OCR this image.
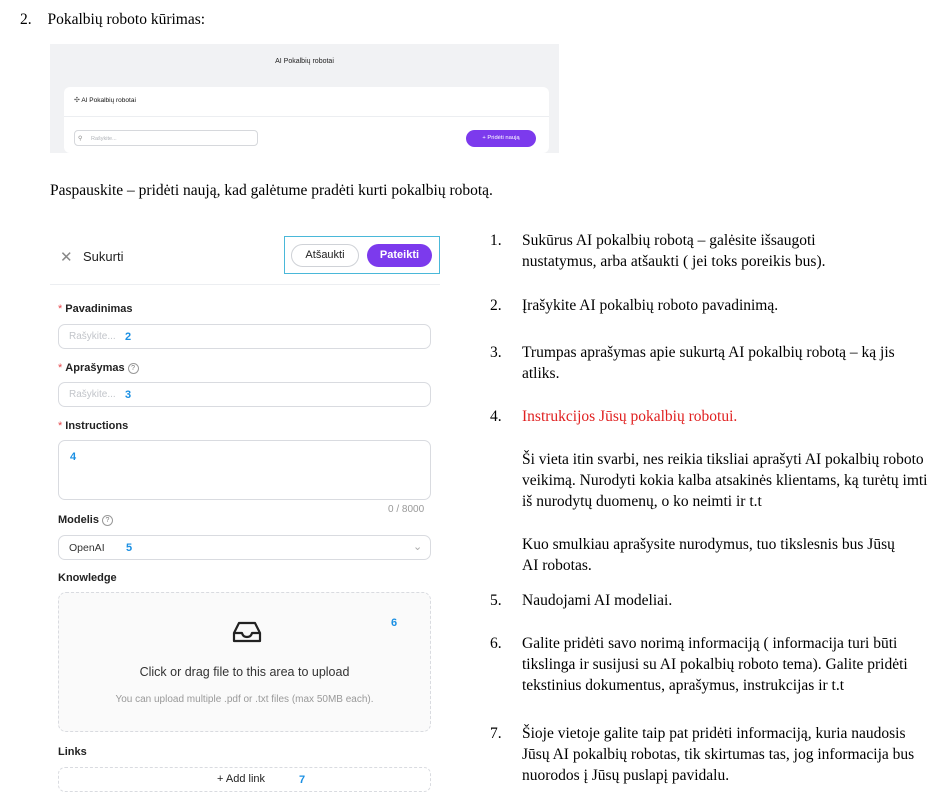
2. Pokalbių roboto kūrimas:
AI Pokalbių robotai
✣ AI Pokalbių robotai
⚲ Rašykite...	+ Pridėti naują
Paspauskite – pridėti naują, kad galėtume pradėti kurti pokalbių robotą.
✕ Sukurti	Atšaukti	Pateikti
* Pavadinimas
Rašykite... 2
* Aprašymas ?
Rašykite... 3
* Instructions
4
0 / 8000
Modelis ?
OpenAI 5	⌄
Knowledge
6
Click or drag file to this area to upload
You can upload multiple .pdf or .txt files (max 50MB each).
Links
+ Add link	7
1. Sukūrus AI pokalbių robotą – galėsite išsaugoti nustatymus, arba atšaukti ( jei toks poreikis bus).
2. Įrašykite AI pokalbių roboto pavadinimą.
3. Trumpas aprašymas apie sukurtą AI pokalbių robotą – ką jis atliks.
4. Instrukcijos Jūsų pokalbių robotui.
Ši vieta itin svarbi, nes reikia tiksliai aprašyti AI pokalbių roboto veikimą. Nurodyti kokia kalba atsakinės klientams, ką turėtų imti iš nurodytų duomenų, o ko neimti ir t.t
Kuo smulkiau aprašysite nurodymus, tuo tikslesnis bus Jūsų AI robotas.
5. Naudojami AI modeliai.
6. Galite pridėti savo norimą informaciją ( informacija turi būti tikslinga ir susijusi su AI pokalbių roboto tema). Galite pridėti tekstinius dokumentus, aprašymus, instrukcijas ir t.t
7. Šioje vietoje galite taip pat pridėti informaciją, kuria naudosis Jūsų AI pokalbių robotas, tik skirtumas tas, jog informacija bus nuorodos į Jūsų puslapį pavidalu.
